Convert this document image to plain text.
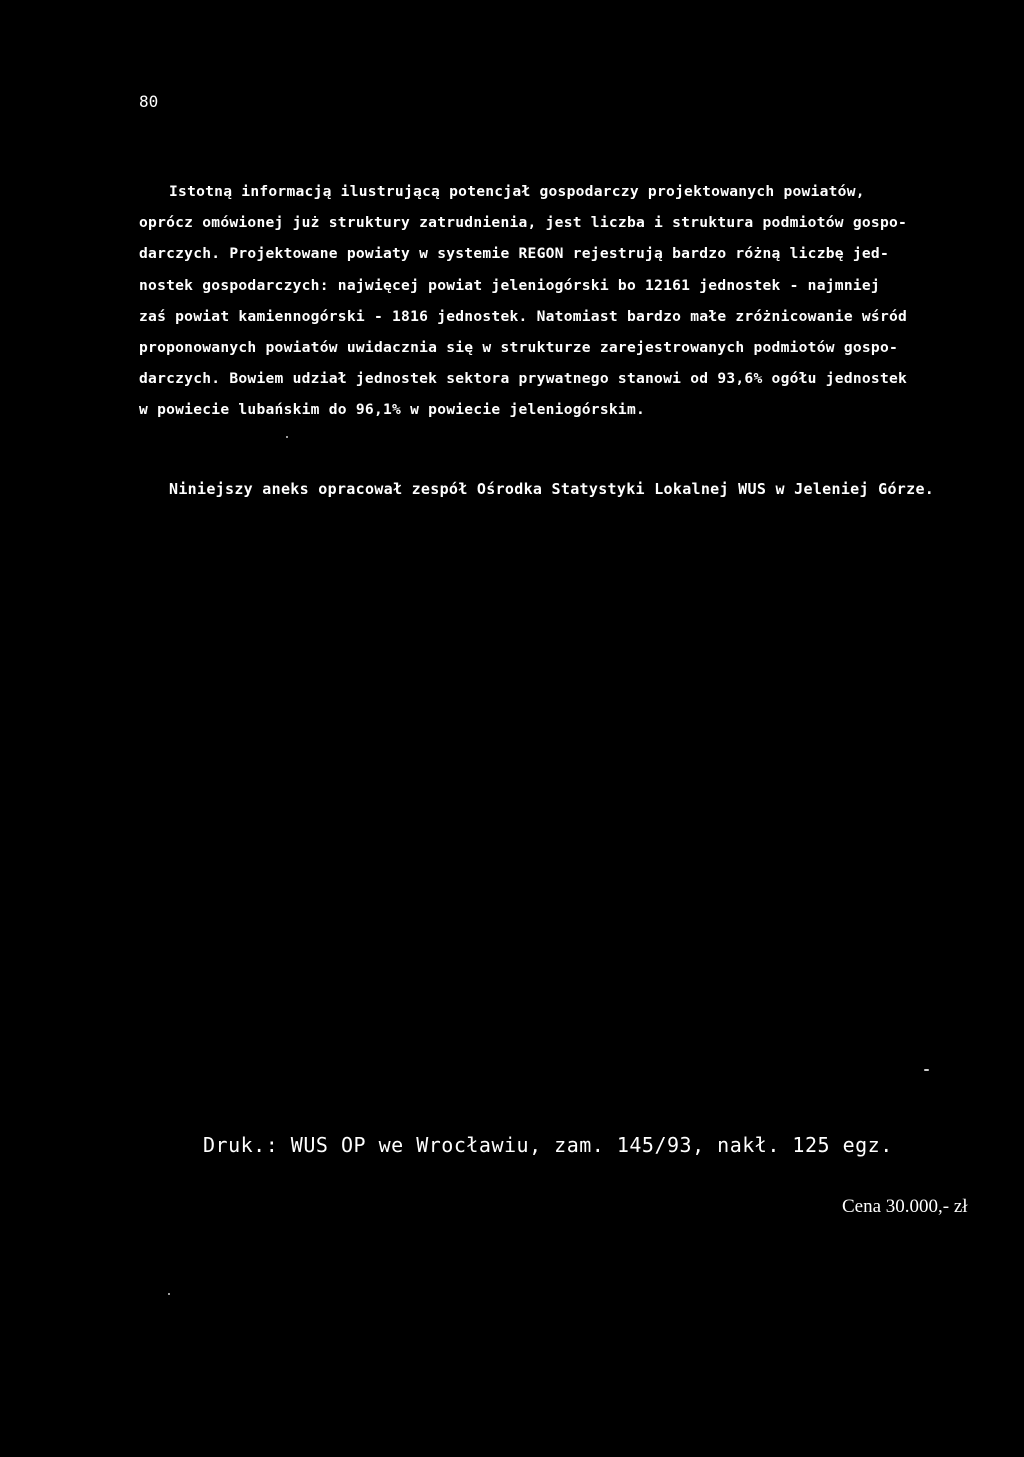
80
Istotną informacją ilustrującą potencjał gospodarczy projektowanych powiatów,
oprócz omówionej już struktury zatrudnienia, jest liczba i struktura podmiotów gospo-
darczych. Projektowane powiaty w systemie REGON rejestrują bardzo różną liczbę jed-
nostek gospodarczych: najwięcej powiat jeleniogórski bo 12161 jednostek - najmniej
zaś powiat kamiennogórski - 1816 jednostek. Natomiast bardzo małe zróżnicowanie wśród
proponowanych powiatów uwidacznia się w strukturze zarejestrowanych podmiotów gospo-
darczych. Bowiem udział jednostek sektora prywatnego stanowi od 93,6% ogółu jednostek
w powiecie lubańskim do 96,1% w powiecie jeleniogórskim.
Niniejszy aneks opracował zespół Ośrodka Statystyki Lokalnej WUS w Jeleniej Górze.
Druk.: WUS OP we Wrocławiu, zam. 145/93, nakł. 125 egz.
Cena 30.000,- zł
